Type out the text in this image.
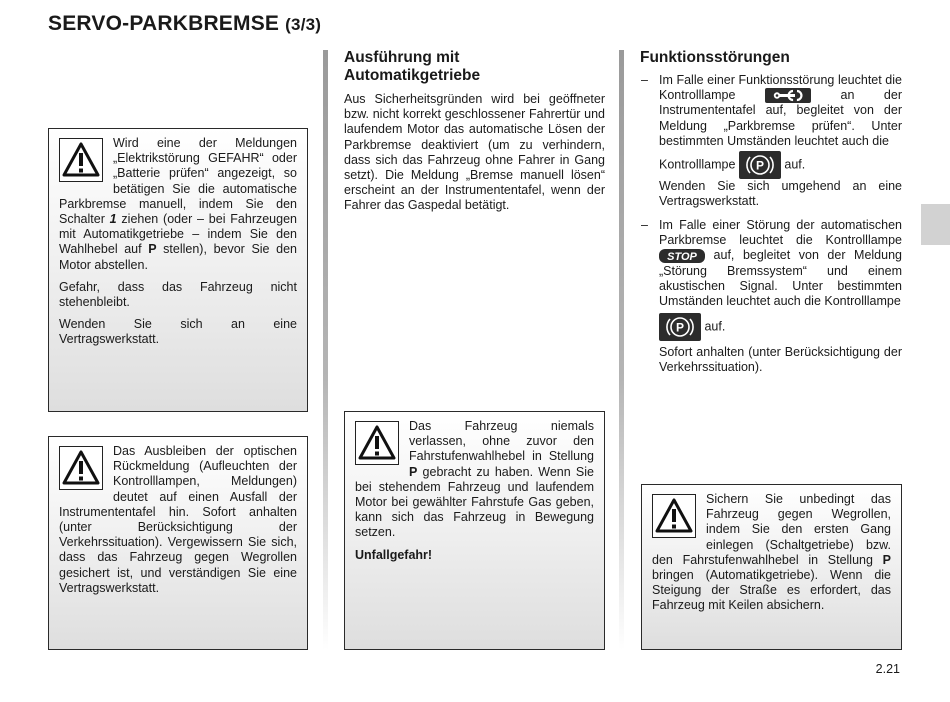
SERVO-PARKBREMSE (3/3)

Wird eine der Meldungen „Elektrikstörung GEFAHR“ oder „Batterie prüfen“ angezeigt, so betätigen Sie die automatische Parkbremse manuell, indem Sie den Schalter 1 ziehen (oder – bei Fahrzeugen mit Automatikgetriebe – indem Sie den Wahlhebel auf P stellen), bevor Sie den Motor abstellen.

Gefahr, dass das Fahrzeug nicht stehenbleibt.

Wenden Sie sich an eine Vertragswerkstatt.

Das Ausbleiben der optischen Rückmeldung (Aufleuchten der Kontrolllampen, Meldungen) deutet auf einen Ausfall der Instrumententafel hin. Sofort anhalten (unter Berücksichtigung der Verkehrssituation). Vergewissern Sie sich, dass das Fahrzeug gegen Wegrollen gesichert ist, und verständigen Sie eine Vertragswerkstatt.

Ausführung mit
Automatikgetriebe
Aus Sicherheitsgründen wird bei geöffneter bzw. nicht korrekt geschlossener Fahrertür und laufendem Motor das automatische Lösen der Parkbremse deaktiviert (um zu verhindern, dass sich das Fahrzeug ohne Fahrer in Gang setzt). Die Meldung „Bremse manuell lösen“ erscheint an der Instrumententafel, wenn der Fahrer das Gaspedal betätigt.

Das Fahrzeug niemals verlassen, ohne zuvor den Fahrstufenwahlhebel in Stellung P gebracht zu haben. Wenn Sie bei stehendem Fahrzeug und laufendem Motor bei gewählter Fahrstufe Gas geben, kann sich das Fahrzeug in Bewegung setzen.

Unfallgefahr!

Funktionsstörungen
– Im Falle einer Funktionsstörung leuchtet die Kontrolllampe	an der Instrumententafel auf, begleitet von der Meldung „Parkbremse prüfen“. Unter bestimmten Umständen leuchtet auch die
Kontrolllampe P auf.
Wenden Sie sich umgehend an eine Vertragswerkstatt.
– Im Falle einer Störung der automatischen Parkbremse leuchtet die Kontrolllampe
STOP auf, begleitet von der Meldung „Störung Bremssystem“ und einem akustischen Signal. Unter bestimmten Umständen leuchtet auch die Kontrolllampe
P auf.
Sofort anhalten (unter Berücksichtigung der Verkehrssituation).

Sichern Sie unbedingt das Fahrzeug gegen Wegrollen, indem Sie den ersten Gang einlegen (Schaltgetriebe) bzw. den Fahrstufenwahlhebel in Stellung P bringen (Automatikgetriebe). Wenn die Steigung der Straße es erfordert, das Fahrzeug mit Keilen absichern.

2.21
